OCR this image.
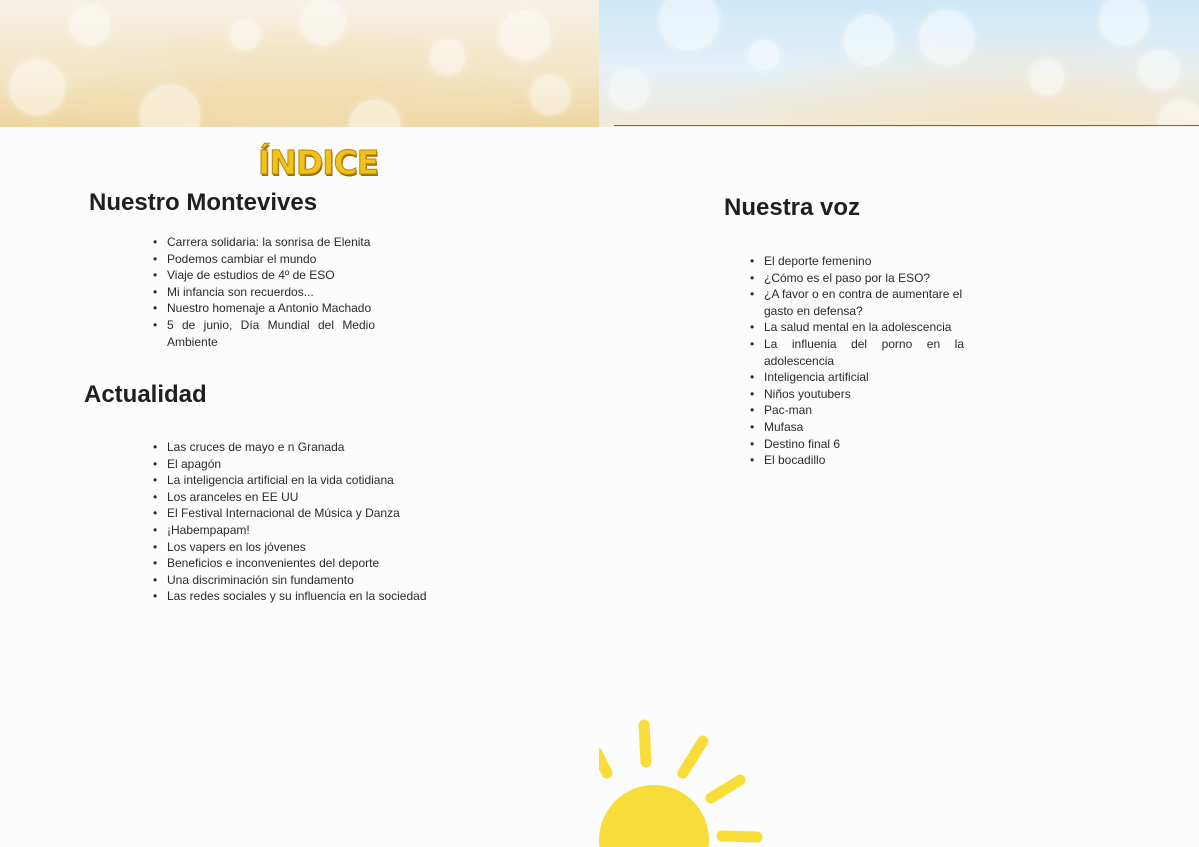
ÍNDICE
Nuestro Montevives
• Carrera solidaria: la sonrisa de Elenita
• Podemos cambiar el mundo
• Viaje de estudios de 4º de ESO
• Mi infancia son recuerdos...
• Nuestro homenaje a Antonio Machado
• 5 de junio, Día Mundial del Medio Ambiente
Actualidad
• Las cruces de mayo e n Granada
• El apagón
• La inteligencia artificial en la vida cotidiana
• Los aranceles en EE UU
• El Festival Internacional de Música y Danza
• ¡Habempapam!
• Los vapers en los jóvenes
• Beneficios e inconvenientes del deporte
• Una discriminación sin fundamento
• Las redes sociales y su influencia en la sociedad
Nuestra voz
• El deporte femenino
• ¿Cómo es el paso por la ESO?
• ¿A favor o en contra de aumentare el gasto en defensa?
• La salud mental en la adolescencia
• La influenia del porno en la adolescencia
• Inteligencia artificial
• Niños youtubers
• Pac-man
• Mufasa
• Destino final 6
• El bocadillo
